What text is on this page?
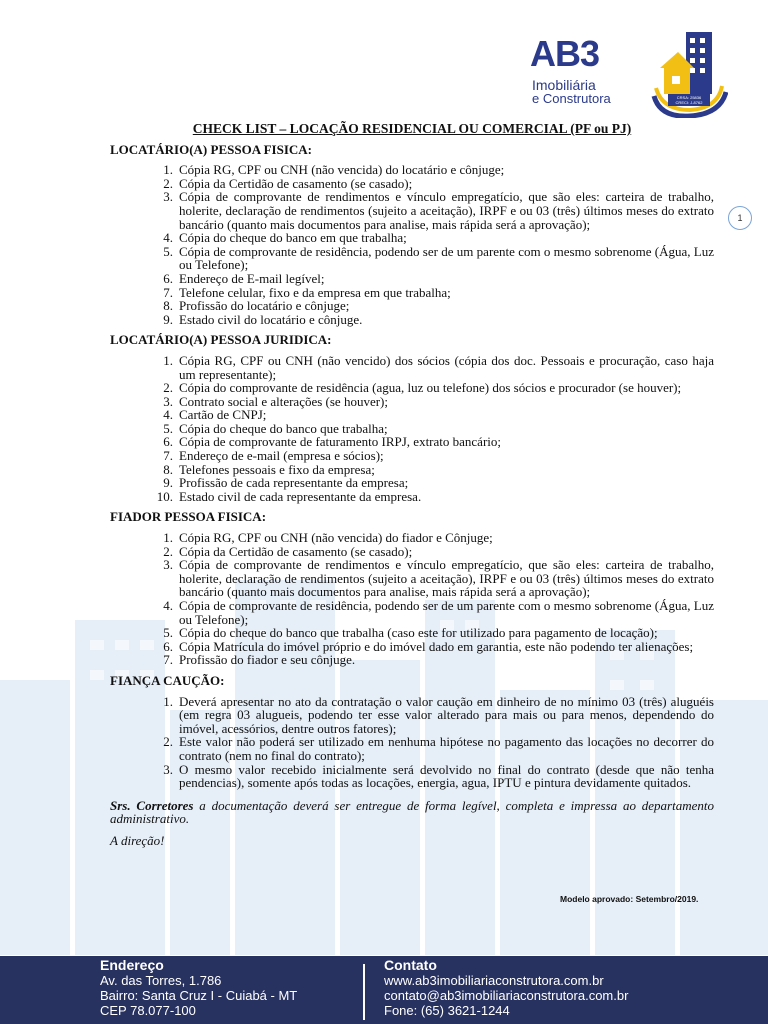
AB3
Imobiliária
e Construtora	CRSA: 25836
CRECI: J-8762
1
CHECK LIST – LOCAÇÃO RESIDENCIAL OU COMERCIAL (PF ou PJ)
LOCATÁRIO(A) PESSOA FISICA:
1. Cópia RG, CPF ou CNH (não vencida) do locatário e cônjuge;
2. Cópia da Certidão de casamento (se casado);
3. Cópia de comprovante de rendimentos e vínculo empregatício, que são eles: carteira de trabalho, holerite, declaração de rendimentos (sujeito a aceitação), IRPF e ou 03 (três) últimos meses do extrato bancário (quanto mais documentos para analise, mais rápida será a aprovação);
4. Cópia do cheque do banco em que trabalha;
5. Cópia de comprovante de residência, podendo ser de um parente com o mesmo sobrenome (Água, Luz ou Telefone);
6. Endereço de E-mail legível;
7. Telefone celular, fixo e da empresa em que trabalha;
8. Profissão do locatário e cônjuge;
9. Estado civil do locatário e cônjuge.
LOCATÁRIO(A) PESSOA JURIDICA:
1. Cópia RG, CPF ou CNH (não vencido) dos sócios (cópia dos doc. Pessoais e procuração, caso haja um representante);
2. Cópia do comprovante de residência (agua, luz ou telefone) dos sócios e procurador (se houver);
3. Contrato social e alterações (se houver);
4. Cartão de CNPJ;
5. Cópia do cheque do banco que trabalha;
6. Cópia de comprovante de faturamento IRPJ, extrato bancário;
7. Endereço de e-mail (empresa e sócios);
8. Telefones pessoais e fixo da empresa;
9. Profissão de cada representante da empresa;
10. Estado civil de cada representante da empresa.
FIADOR PESSOA FISICA:
1. Cópia RG, CPF ou CNH (não vencida) do fiador e Cônjuge;
2. Cópia da Certidão de casamento (se casado);
3. Cópia de comprovante de rendimentos e vínculo empregatício, que são eles: carteira de trabalho, holerite, declaração de rendimentos (sujeito a aceitação), IRPF e ou 03 (três) últimos meses do extrato bancário (quanto mais documentos para analise, mais rápida será a aprovação);
4. Cópia de comprovante de residência, podendo ser de um parente com o mesmo sobrenome (Água, Luz ou Telefone);
5. Cópia do cheque do banco que trabalha (caso este for utilizado para pagamento de locação);
6. Cópia Matrícula do imóvel próprio e do imóvel dado em garantia, este não podendo ter alienações;
7. Profissão do fiador e seu cônjuge.
FIANÇA CAUÇÃO:
1. Deverá apresentar no ato da contratação o valor caução em dinheiro de no mínimo 03 (três) aluguéis (em regra 03 alugueis, podendo ter esse valor alterado para mais ou para menos, dependendo do imóvel, acessórios, dentre outros fatores);
2. Este valor não poderá ser utilizado em nenhuma hipótese no pagamento das locações no decorrer do contrato (nem no final do contrato);
3. O mesmo valor recebido inicialmente será devolvido no final do contrato (desde que não tenha pendencias), somente após todas as locações, energia, agua, IPTU e pintura devidamente quitados.
Srs. Corretores a documentação deverá ser entregue de forma legível, completa e impressa ao departamento administrativo.
A direção!
Modelo aprovado: Setembro/2019.
Endereço
Av. das Torres, 1.786
Bairro: Santa Cruz I - Cuiabá - MT
CEP 78.077-100
Contato
www.ab3imobiliariaconstrutora.com.br
contato@ab3imobiliariaconstrutora.com.br
Fone: (65) 3621-1244
